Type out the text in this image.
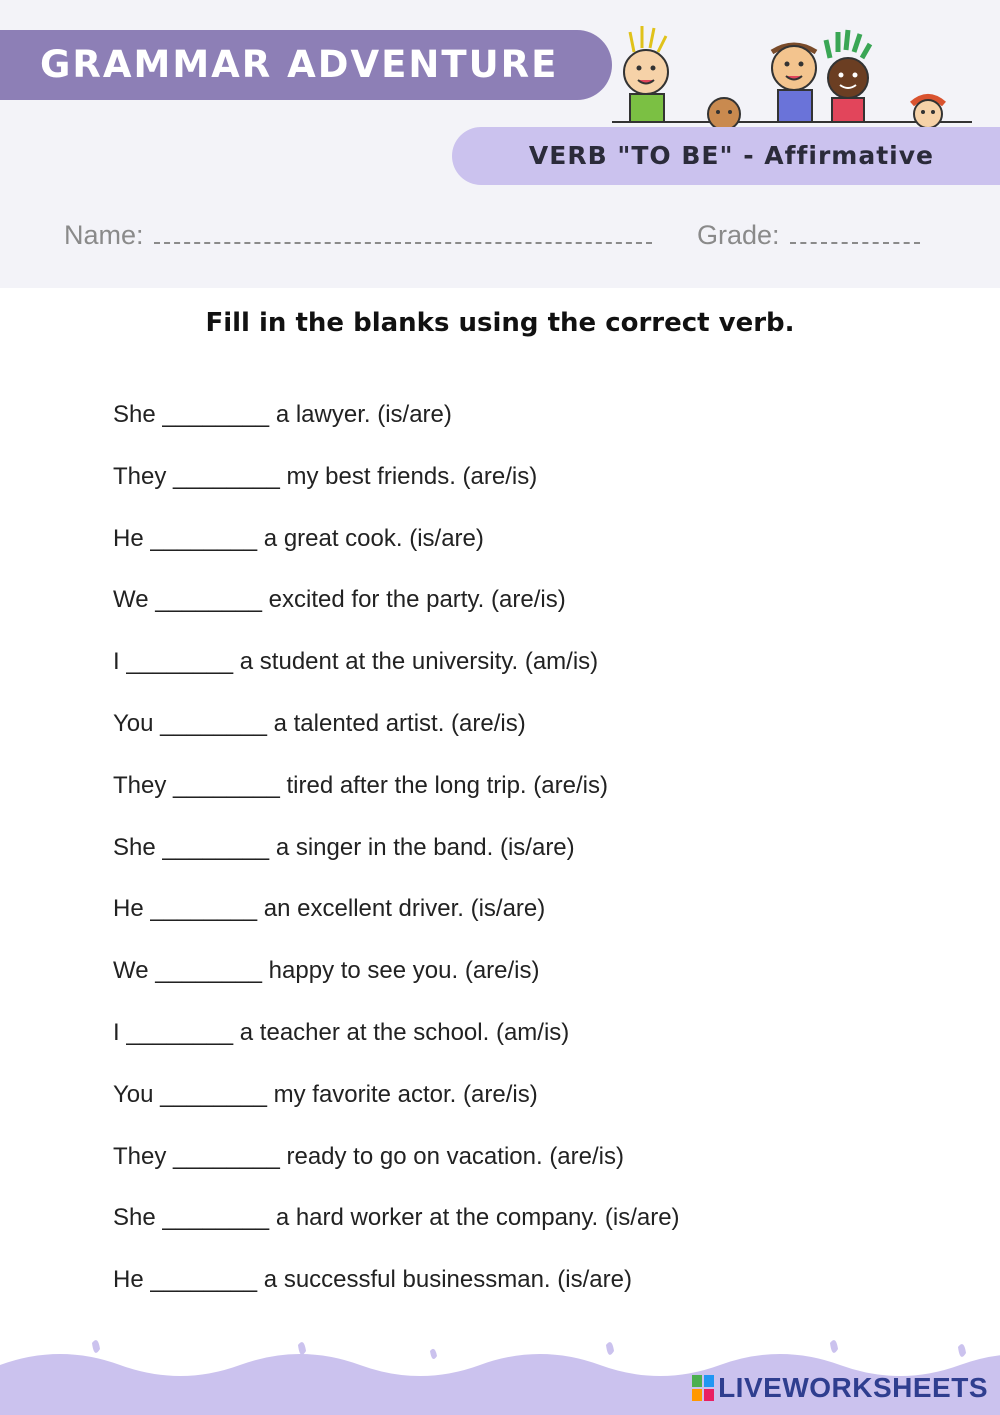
GRAMMAR ADVENTURE
VERB "TO BE" - Affirmative
Name:	Grade:
Fill in the blanks using the correct verb.
She ________ a lawyer. (is/are)
They ________ my best friends. (are/is)
He ________ a great cook. (is/are)
We ________ excited for the party. (are/is)
I ________ a student at the university. (am/is)
You ________ a talented artist. (are/is)
They ________ tired after the long trip. (are/is)
She ________ a singer in the band. (is/are)
He ________ an excellent driver. (is/are)
We ________ happy to see you. (are/is)
I ________ a teacher at the school. (am/is)
You ________ my favorite actor. (are/is)
They ________ ready to go on vacation. (are/is)
She ________ a hard worker at the company. (is/are)
He ________ a successful businessman. (is/are)
LIVEWORKSHEETS
